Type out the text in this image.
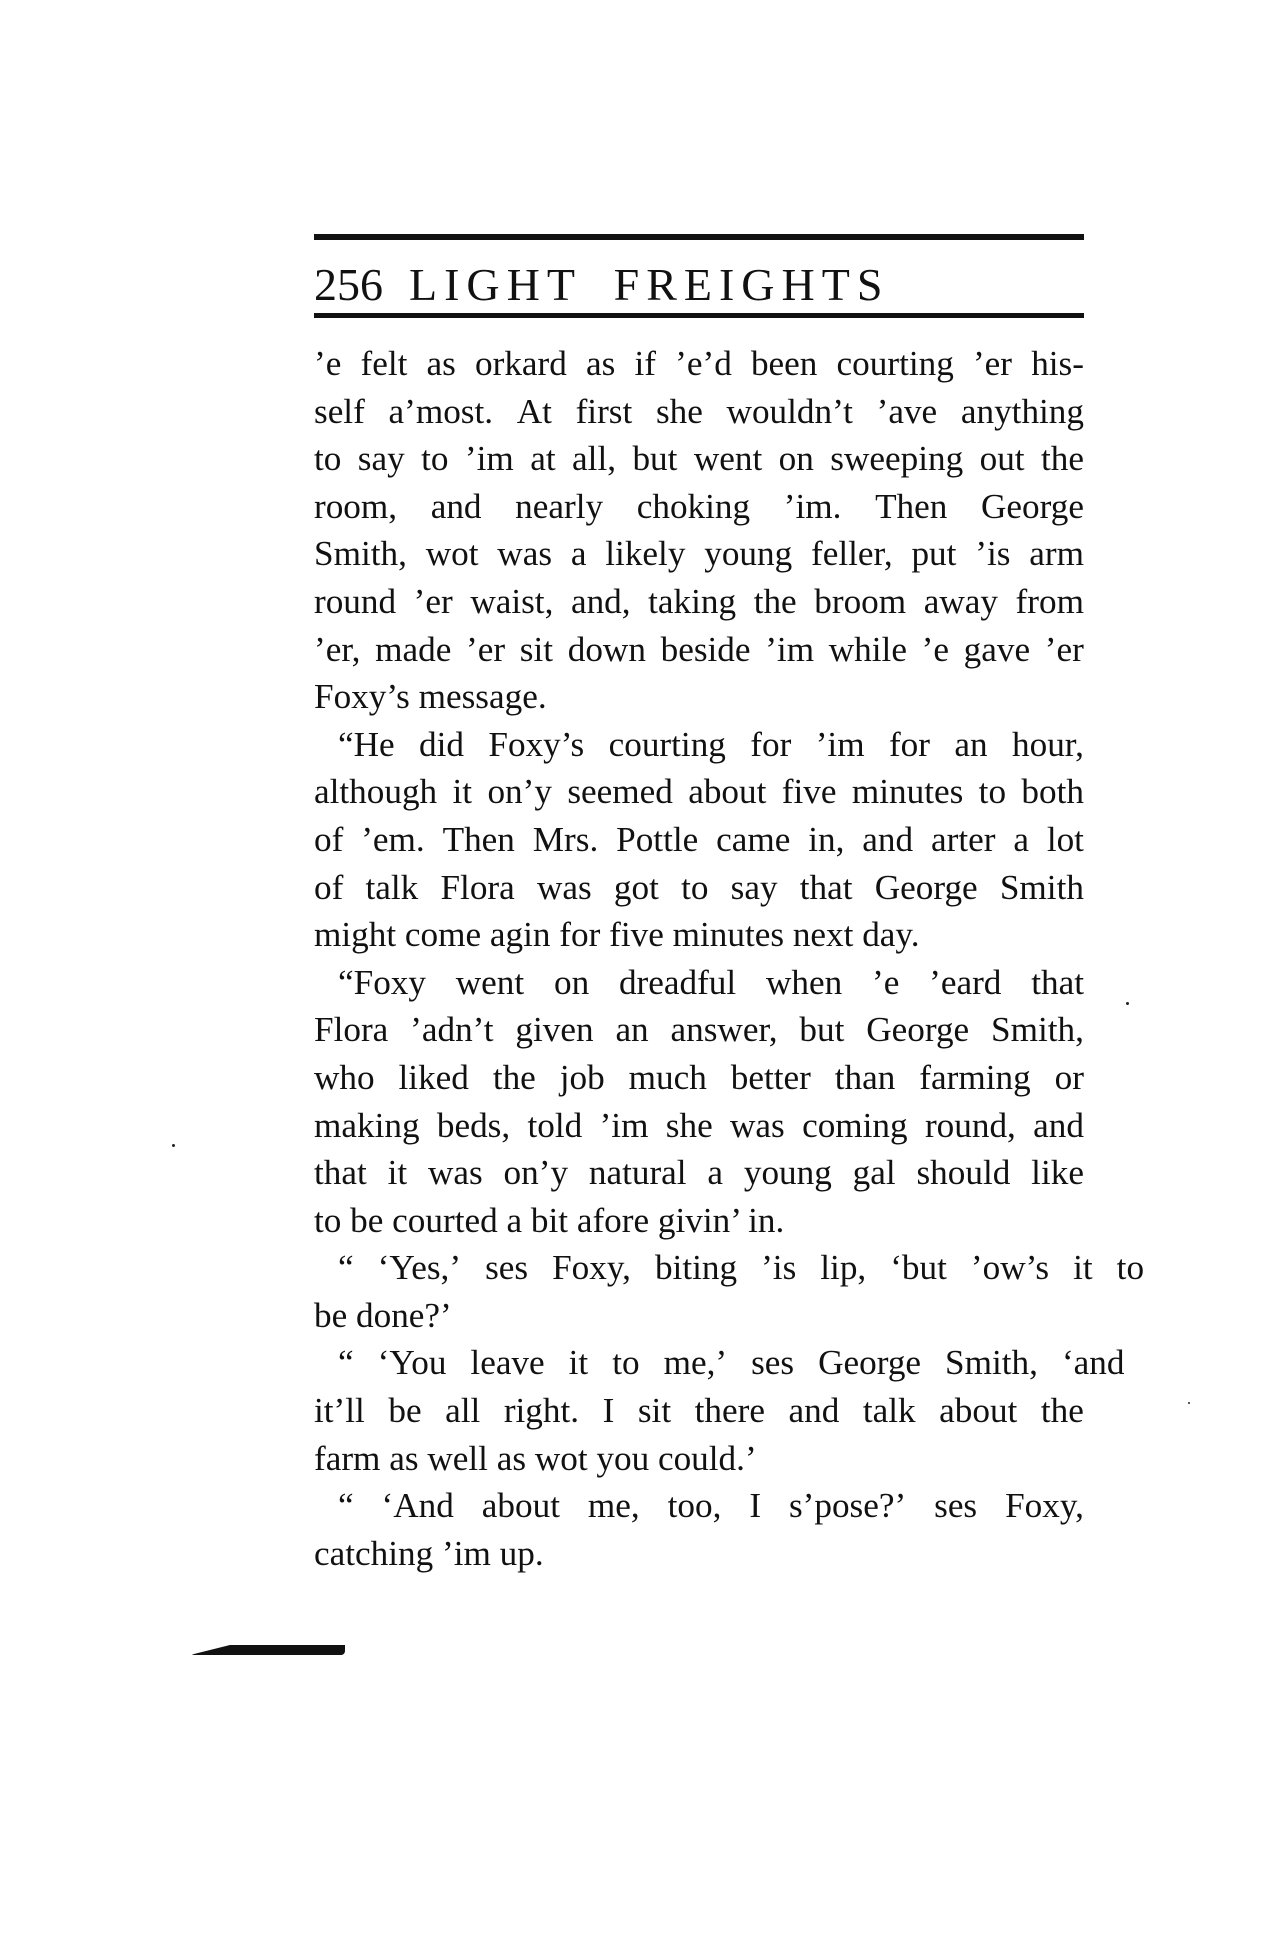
256 LIGHT FREIGHTS
’e felt as orkard as if ’e’d been courting ’er his-
self a’most. At first she wouldn’t ’ave anything
to say to ’im at all, but went on sweeping out the
room, and nearly choking ’im. Then George
Smith, wot was a likely young feller, put ’is arm
round ’er waist, and, taking the broom away from
’er, made ’er sit down beside ’im while ’e gave ’er
Foxy’s message.
“He did Foxy’s courting for ’im for an hour,
although it on’y seemed about five minutes to both
of ’em. Then Mrs. Pottle came in, and arter a lot
of talk Flora was got to say that George Smith
might come agin for five minutes next day.
“Foxy went on dreadful when ’e ’eard that
Flora ’adn’t given an answer, but George Smith,
who liked the job much better than farming or
making beds, told ’im she was coming round, and
that it was on’y natural a young gal should like
to be courted a bit afore givin’ in.
“ ‘Yes,’ ses Foxy, biting ’is lip, ‘but ’ow’s it to
be done?’
“ ‘You leave it to me,’ ses George Smith, ‘and
it’ll be all right. I sit there and talk about the
farm as well as wot you could.’
“ ‘And about me, too, I s’pose?’ ses Foxy,
catching ’im up.
